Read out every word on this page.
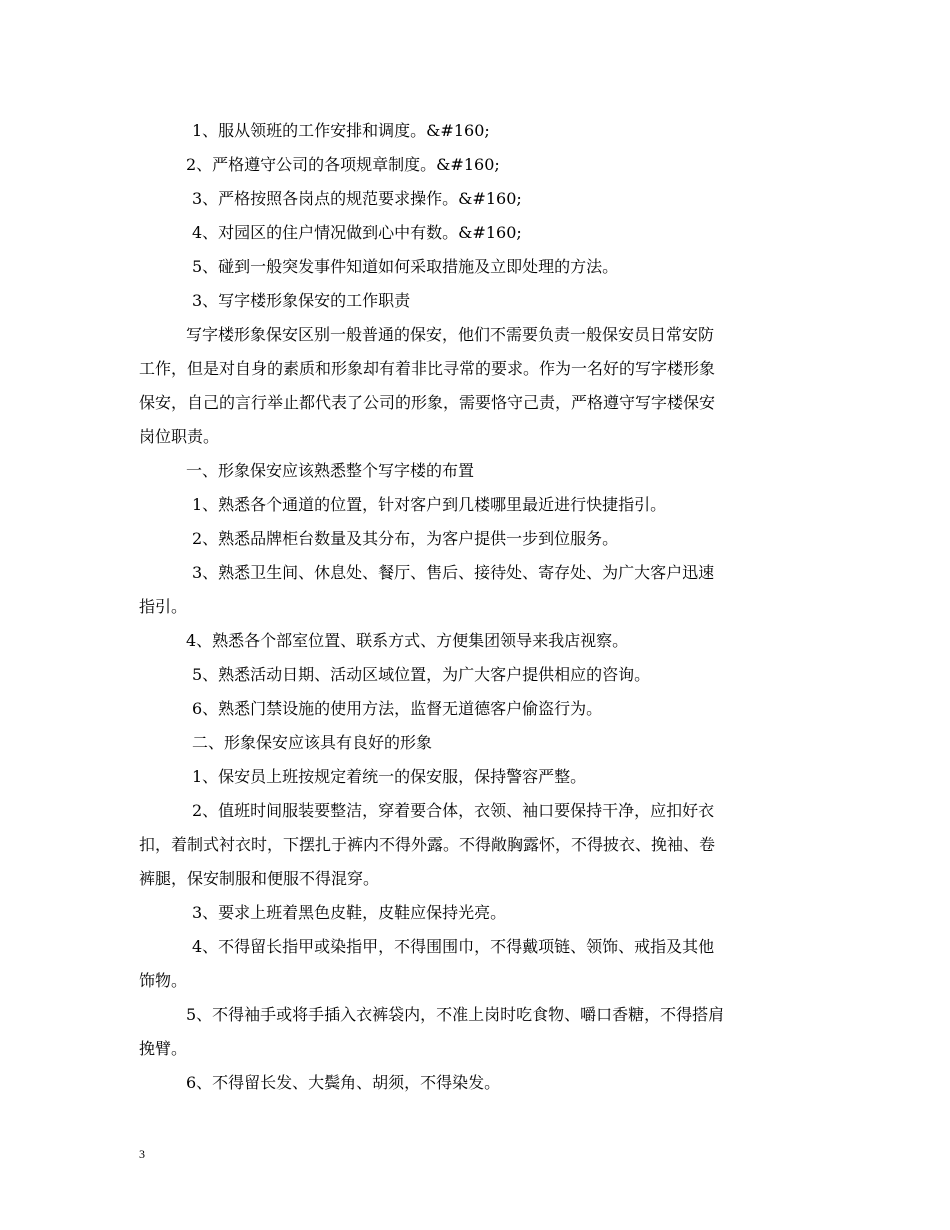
1、服从领班的工作安排和调度。&#160;
2、严格遵守公司的各项规章制度。&#160;
3、严格按照各岗点的规范要求操作。&#160;
4、对园区的住户情况做到心中有数。&#160;
5、碰到一般突发事件知道如何采取措施及立即处理的方法。
3、写字楼形象保安的工作职责
写字楼形象保安区别一般普通的保安，他们不需要负责一般保安员日常安防
工作，但是对自身的素质和形象却有着非比寻常的要求。作为一名好的写字楼形象
保安，自己的言行举止都代表了公司的形象，需要恪守己责，严格遵守写字楼保安
岗位职责。
一、形象保安应该熟悉整个写字楼的布置
1、熟悉各个通道的位置，针对客户到几楼哪里最近进行快捷指引。
2、熟悉品牌柜台数量及其分布，为客户提供一步到位服务。
3、熟悉卫生间、休息处、餐厅、售后、接待处、寄存处、为广大客户迅速
指引。
4、熟悉各个部室位置、联系方式、方便集团领导来我店视察。
5、熟悉活动日期、活动区域位置，为广大客户提供相应的咨询。
6、熟悉门禁设施的使用方法，监督无道德客户偷盗行为。
二、形象保安应该具有良好的形象
1、保安员上班按规定着统一的保安服，保持警容严整。
2、值班时间服装要整洁，穿着要合体，衣领、袖口要保持干净，应扣好衣
扣，着制式衬衣时，下摆扎于裤内不得外露。不得敞胸露怀，不得披衣、挽袖、卷
裤腿，保安制服和便服不得混穿。
3、要求上班着黑色皮鞋，皮鞋应保持光亮。
4、不得留长指甲或染指甲，不得围围巾，不得戴项链、领饰、戒指及其他
饰物。
5、不得袖手或将手插入衣裤袋内，不准上岗时吃食物、嚼口香糖，不得搭肩
挽臂。
6、不得留长发、大鬓角、胡须，不得染发。
3
